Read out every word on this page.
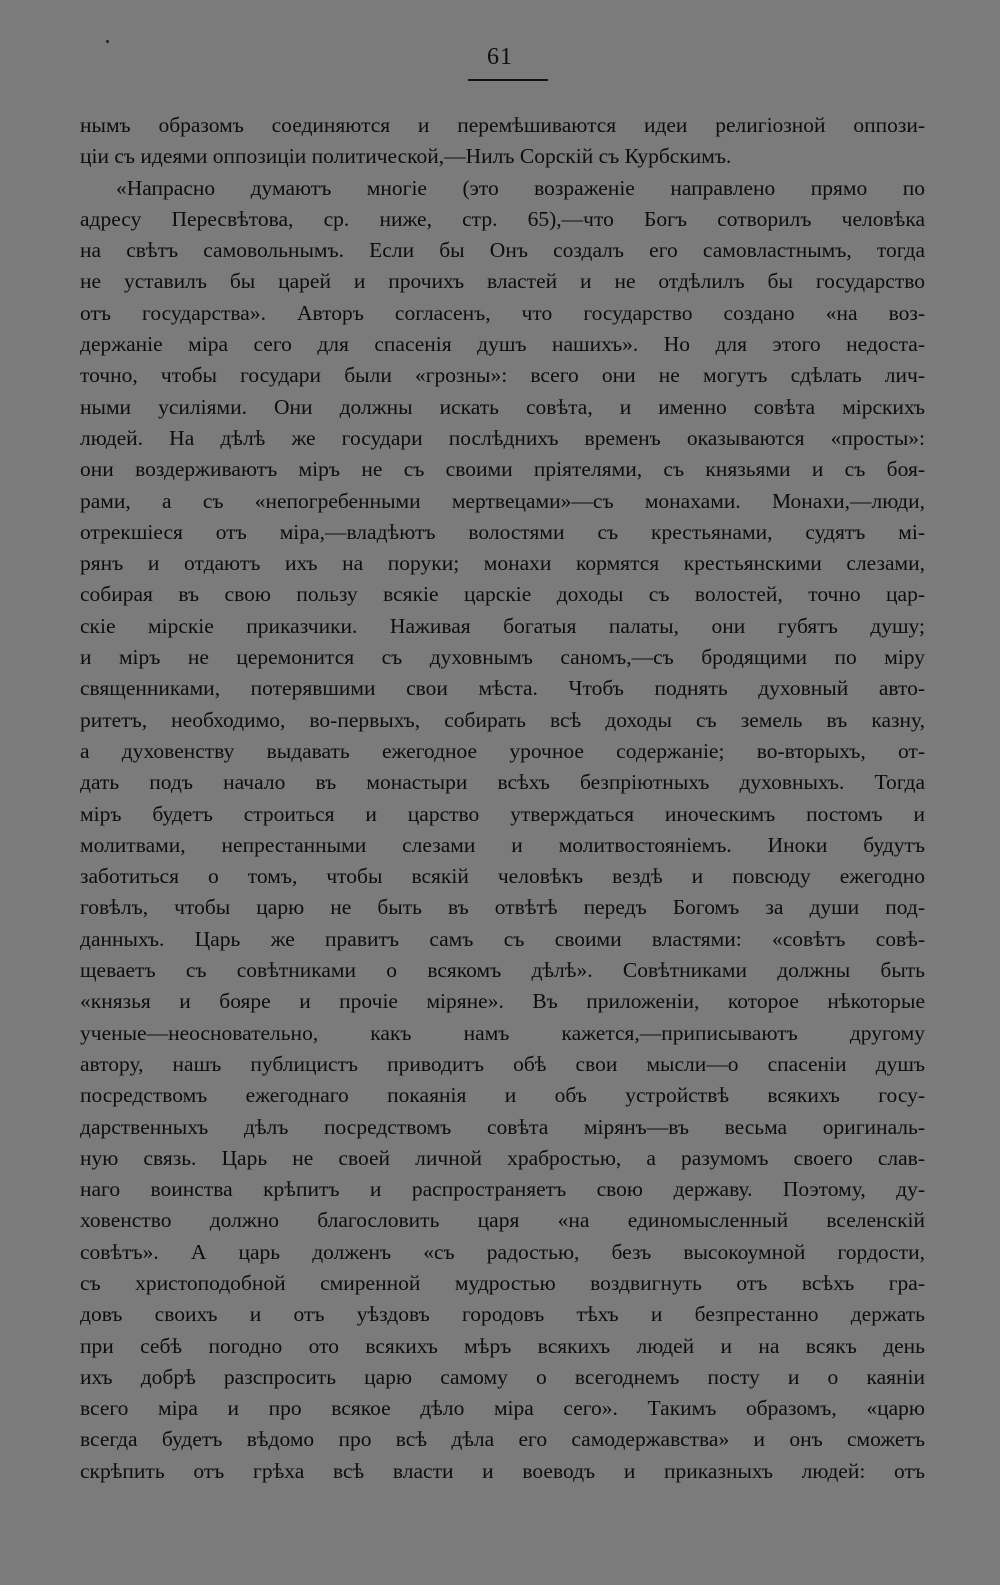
61
нымъ образомъ соединяются и перемѣшиваются идеи религіозной оппози-
ціи съ идеями оппозиціи политической,—Нилъ Сорскій съ Курбскимъ.
«Напрасно думаютъ многіе (это возраженіе направлено прямо по
адресу Пересвѣтова, ср. ниже, стр. 65),—что Богъ сотворилъ человѣка
на свѣтъ самовольнымъ. Если бы Онъ создалъ его самовластнымъ, тогда
не уставилъ бы царей и прочихъ властей и не отдѣлилъ бы государство
отъ государства». Авторъ согласенъ, что государство создано «на воз-
держаніе міра сего для спасенія душъ нашихъ». Но для этого недоста-
точно, чтобы государи были «грозны»: всего они не могутъ сдѣлать лич-
ными усиліями. Они должны искать совѣта, и именно совѣта мірскихъ
людей. На дѣлѣ же государи послѣднихъ временъ оказываются «просты»:
они воздерживаютъ міръ не съ своими пріятелями, съ князьями и съ боя-
рами, а съ «непогребенными мертвецами»—съ монахами. Монахи,—люди,
отрекшіеся отъ міра,—владѣютъ волостями съ крестьянами, судятъ мі-
рянъ и отдаютъ ихъ на поруки; монахи кормятся крестьянскими слезами,
собирая въ свою пользу всякіе царскіе доходы съ волостей, точно цар-
скіе мірскіе приказчики. Наживая богатыя палаты, они губятъ душу;
и міръ не церемонится съ духовнымъ саномъ,—съ бродящими по міру
священниками, потерявшими свои мѣста. Чтобъ поднять духовный авто-
ритетъ, необходимо, во-первыхъ, собирать всѣ доходы съ земель въ казну,
а духовенству выдавать ежегодное урочное содержаніе; во-вторыхъ, от-
дать подъ начало въ монастыри всѣхъ безпріютныхъ духовныхъ. Тогда
міръ будетъ строиться и царство утверждаться иноческимъ постомъ и
молитвами, непрестанными слезами и молитвостояніемъ. Иноки будутъ
заботиться о томъ, чтобы всякій человѣкъ вездѣ и повсюду ежегодно
говѣлъ, чтобы царю не быть въ отвѣтѣ передъ Богомъ за души под-
данныхъ. Царь же правитъ самъ съ своими властями: «совѣтъ совѣ-
щеваетъ съ совѣтниками о всякомъ дѣлѣ». Совѣтниками должны быть
«князья и бояре и прочіе міряне». Въ приложеніи, которое нѣкоторые
ученые—неосновательно, какъ намъ кажется,—приписываютъ другому
автору, нашъ публицистъ приводитъ обѣ свои мысли—о спасеніи душъ
посредствомъ ежегоднаго покаянія и объ устройствѣ всякихъ госу-
дарственныхъ дѣлъ посредствомъ совѣта мірянъ—въ весьма оригиналь-
ную связь. Царь не своей личной храбростью, а разумомъ своего слав-
наго воинства крѣпитъ и распространяетъ свою державу. Поэтому, ду-
ховенство должно благословить царя «на единомысленный вселенскій
совѣтъ». А царь долженъ «съ радостью, безъ высокоумной гордости,
съ христоподобной смиренной мудростью воздвигнуть отъ всѣхъ гра-
довъ своихъ и отъ уѣздовъ городовъ тѣхъ и безпрестанно держать
при себѣ погодно ото всякихъ мѣръ всякихъ людей и на всякъ день
ихъ добрѣ разспросить царю самому о всегоднемъ посту и о каяніи
всего міра и про всякое дѣло міра сего». Такимъ образомъ, «царю
всегда будетъ вѣдомо про всѣ дѣла его самодержавства» и онъ сможетъ
скрѣпить отъ грѣха всѣ власти и воеводъ и приказныхъ людей: отъ
